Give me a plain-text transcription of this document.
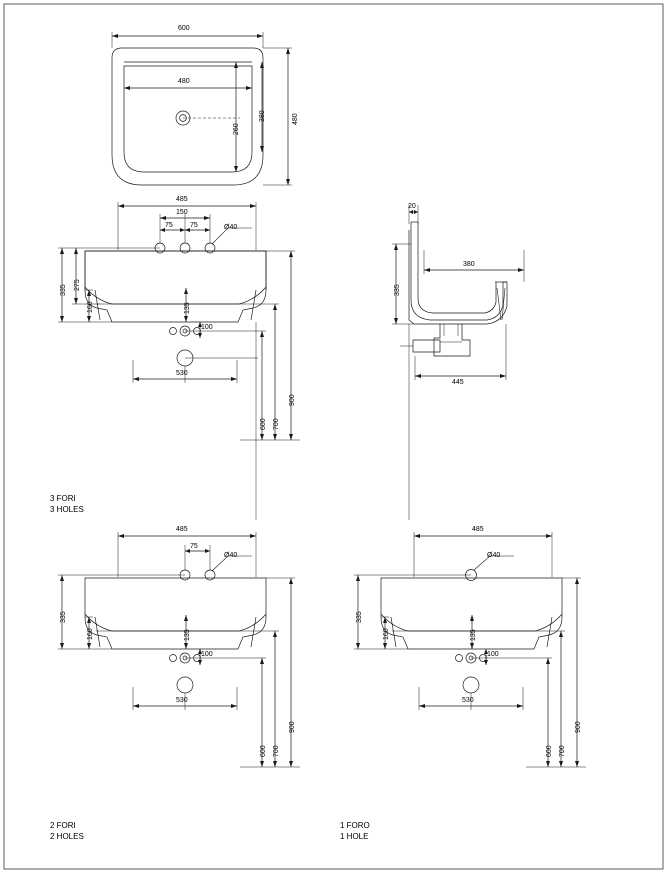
600
480
480
380
260
485
150
75 75	Ø40
335 275
160	135
100
530
600 700
900
3 FORI
3 HOLES
20
335
380
445
485
75
Ø40
335
160	135
100
530
600 700
900
2 FORI
2 HOLES
485
Ø40
335
160	135
100
530
600 700
900
1 FORO
1 HOLE
